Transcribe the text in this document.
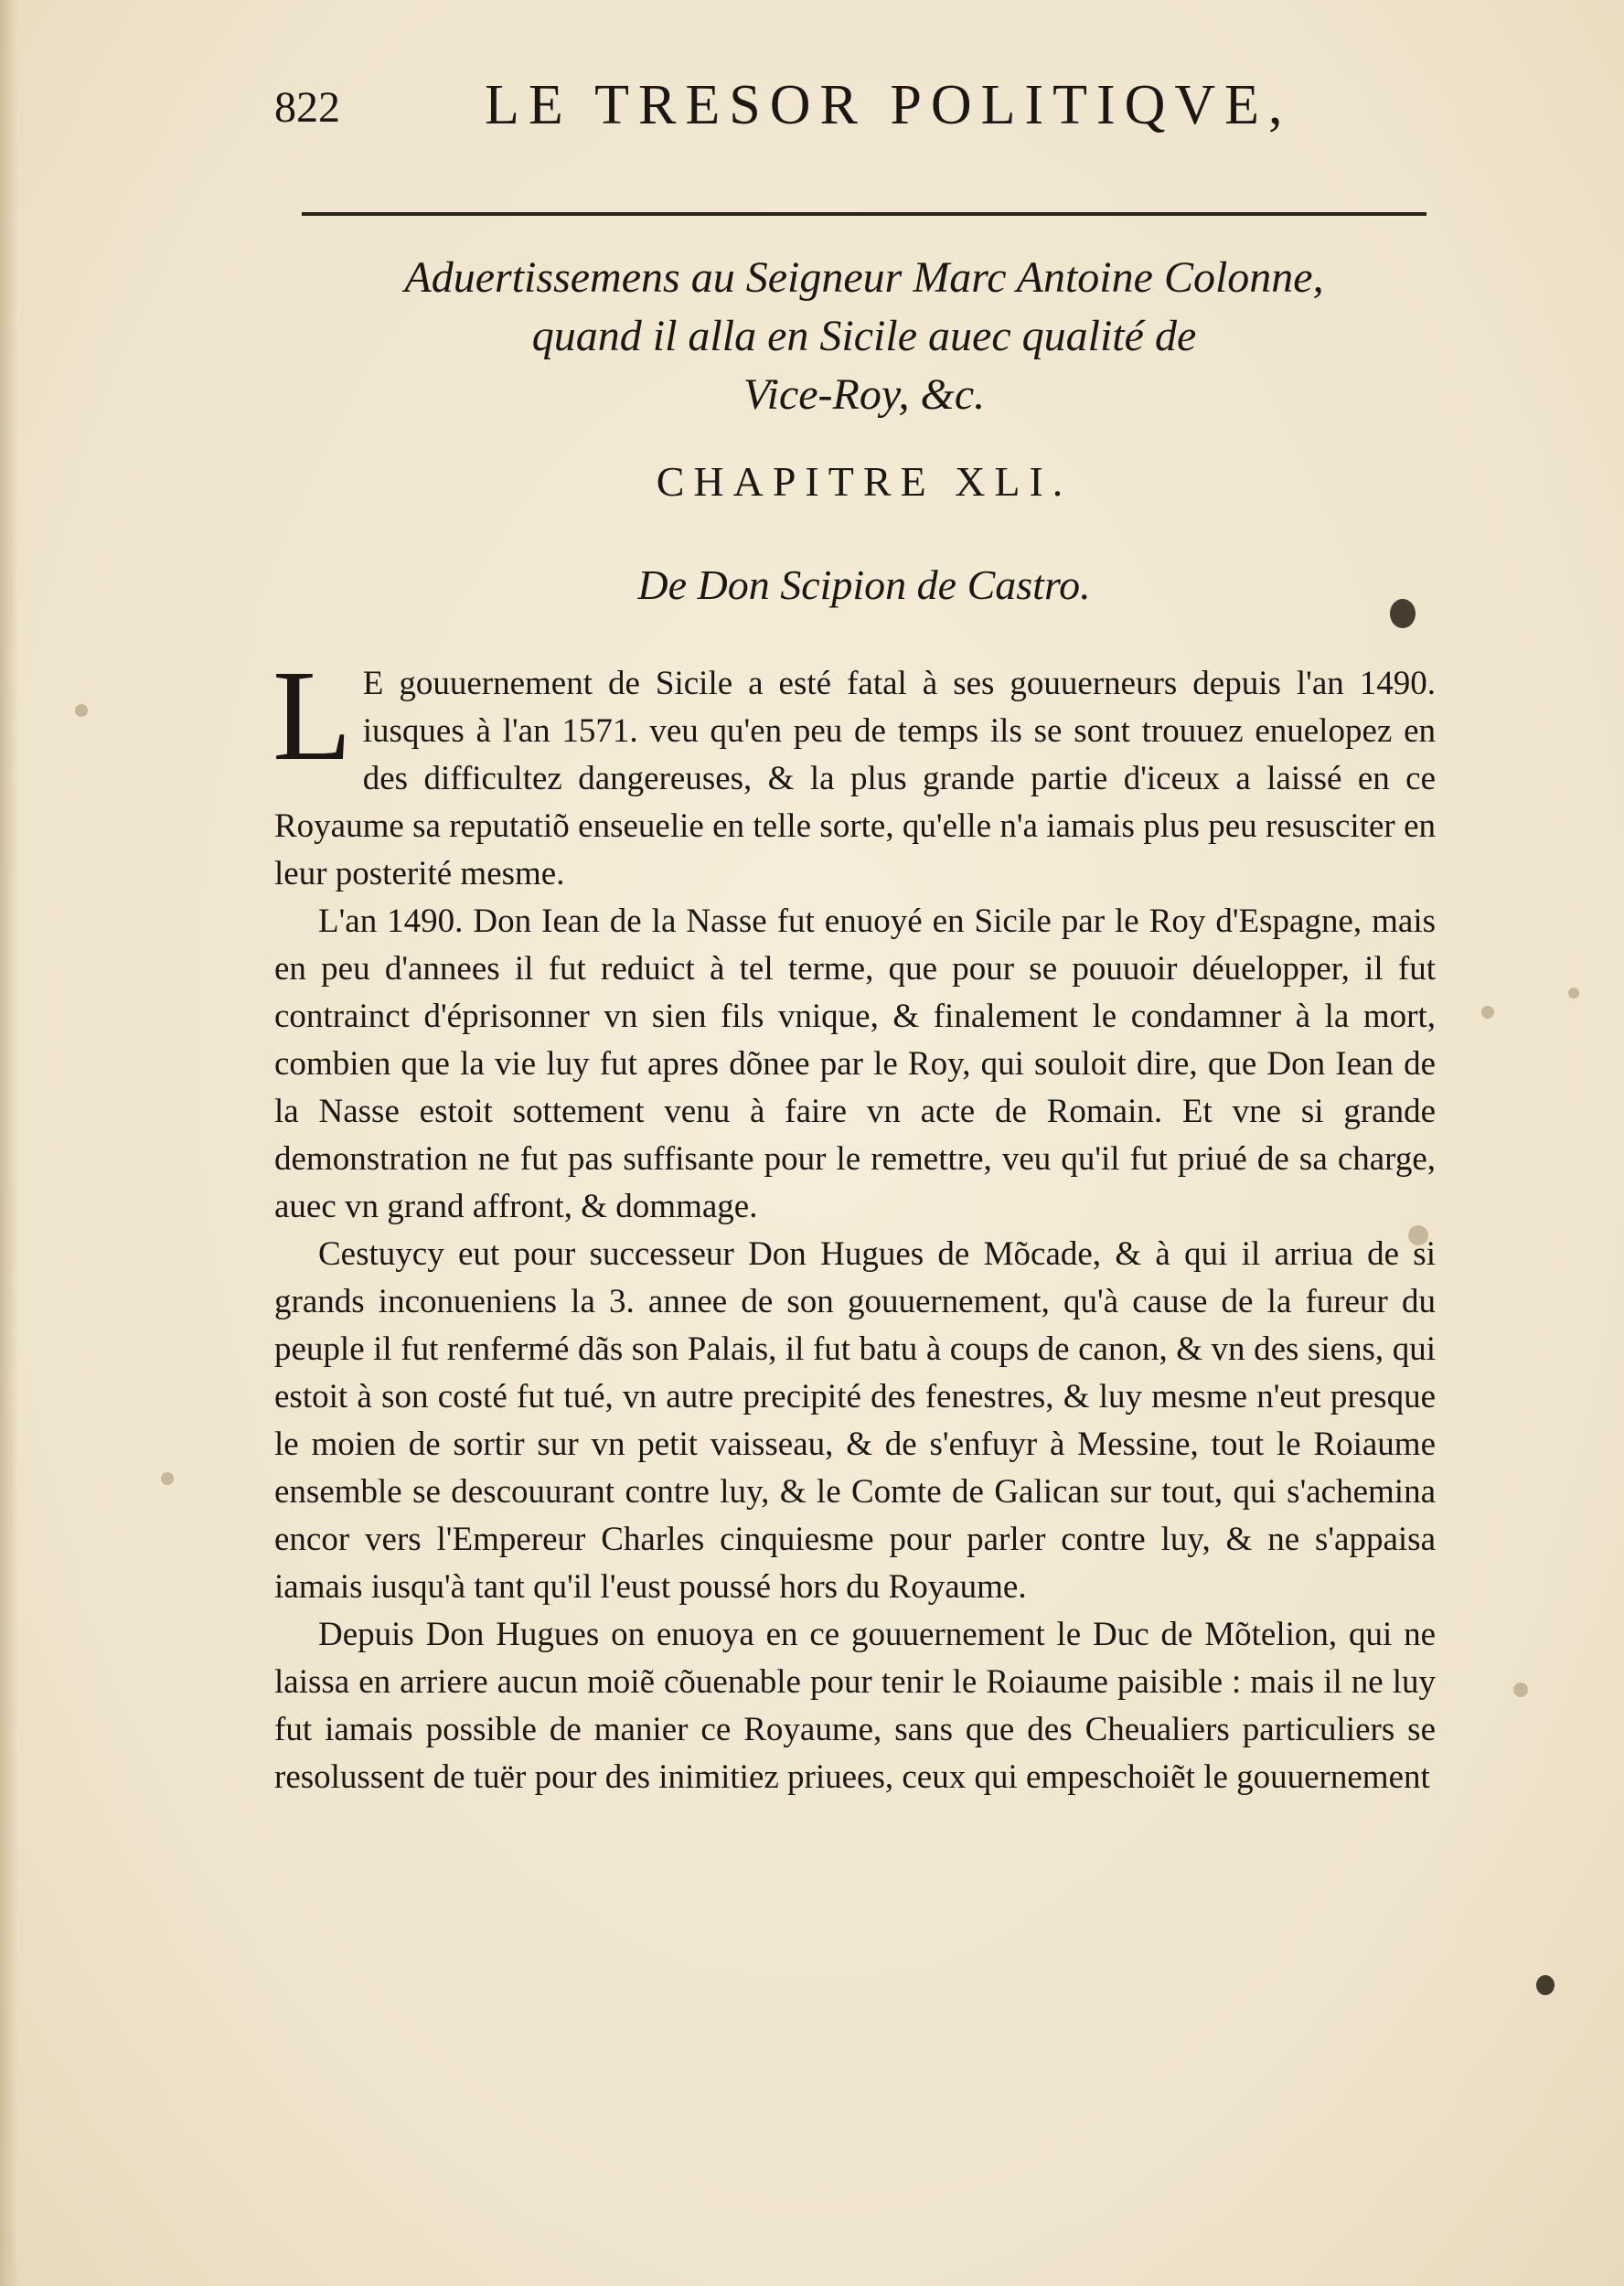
822	LE TRESOR POLITIQVE,
Aduertissemens au Seigneur Marc Antoine Colonne,
quand il alla en Sicile auec qualité de
Vice-Roy, &c.
CHAPITRE XLI.
De Don Scipion de Castro.

L E gouuernement de Sicile a esté fatal à ses gouuerneurs depuis l'an 1490. iusques à l'an 1571. veu qu'en peu de temps ils se sont trouuez enuelopez en des difficultez dangereuses, & la plus grande partie d'iceux a laissé en ce Royaume sa reputatiõ enseuelie en telle sorte, qu'elle n'a iamais plus peu resusciter en leur posterité mesme.

L'an 1490. Don Iean de la Nasse fut enuoyé en Sicile par le Roy d'Espagne, mais en peu d'annees il fut reduict à tel terme, que pour se pouuoir déuelopper, il fut contrainct d'éprisonner vn sien fils vnique, & finalement le condamner à la mort, combien que la vie luy fut apres dõnee par le Roy, qui souloit dire, que Don Iean de la Nasse estoit sottement venu à faire vn acte de Romain. Et vne si grande demonstration ne fut pas suffisante pour le remettre, veu qu'il fut priué de sa charge, auec vn grand affront, & dommage.

Cestuycy eut pour successeur Don Hugues de Mõcade, & à qui il arriua de si grands inconueniens la 3. annee de son gouuernement, qu'à cause de la fureur du peuple il fut renfermé dãs son Palais, il fut batu à coups de canon, & vn des siens, qui estoit à son costé fut tué, vn autre precipité des fenestres, & luy mesme n'eut presque le moien de sortir sur vn petit vaisseau, & de s'enfuyr à Messine, tout le Roiaume ensemble se descouurant contre luy, & le Comte de Galican sur tout, qui s'achemina encor vers l'Empereur Charles cinquiesme pour parler contre luy, & ne s'appaisa iamais iusqu'à tant qu'il l'eust poussé hors du Royaume.

Depuis Don Hugues on enuoya en ce gouuernement le Duc de Mõtelion, qui ne laissa en arriere aucun moiẽ cõuenable pour tenir le Roiaume paisible : mais il ne luy fut iamais possible de manier ce Royaume, sans que des Cheualiers particuliers se resolussent de tuër pour des inimitiez priuees, ceux qui empeschoiẽt le gouuernement
